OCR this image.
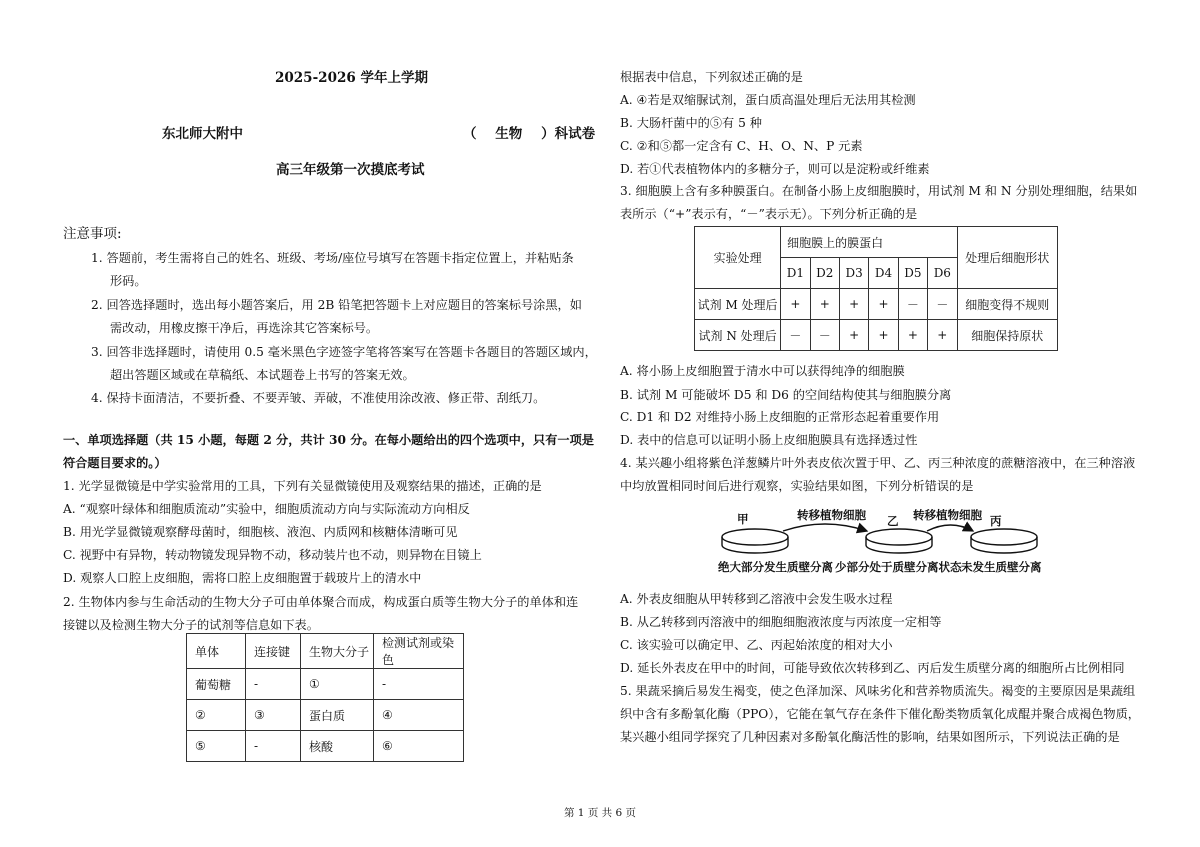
2025-2026 学年上学期
东北师大附中	（    生物    ）科试卷
高三年级第一次摸底考试
注意事项:
1. 答题前，考生需将自己的姓名、班级、考场/座位号填写在答题卡指定位置上，并粘贴条
形码。
2. 回答选择题时，选出每小题答案后，用 2B 铅笔把答题卡上对应题目的答案标号涂黑，如
需改动，用橡皮擦干净后，再选涂其它答案标号。
3. 回答非选择题时，请使用 0.5 毫米黑色字迹签字笔将答案写在答题卡各题目的答题区域内，
超出答题区域或在草稿纸、本试题卷上书写的答案无效。
4. 保持卡面清洁，不要折叠、不要弄皱、弄破，不准使用涂改液、修正带、刮纸刀。
一、单项选择题（共 15 小题，每题 2 分，共计 30 分。在每小题给出的四个选项中，只有一项是
符合题目要求的。）
1. 光学显微镜是中学实验常用的工具，下列有关显微镜使用及观察结果的描述，正确的是
A. “观察叶绿体和细胞质流动”实验中，细胞质流动方向与实际流动方向相反
B. 用光学显微镜观察酵母菌时，细胞核、液泡、内质网和核糖体清晰可见
C. 视野中有异物，转动物镜发现异物不动，移动装片也不动，则异物在目镜上
D. 观察人口腔上皮细胞，需将口腔上皮细胞置于载玻片上的清水中
2. 生物体内参与生命活动的生物大分子可由单体聚合而成，构成蛋白质等生物大分子的单体和连
接键以及检测生物大分子的试剂等信息如下表。
单体	连接键	生物大分子	检测试剂或染色
葡萄糖	-	①	-
②	③	蛋白质	④
⑤	-	核酸	⑥
根据表中信息，下列叙述正确的是
A. ④若是双缩脲试剂，蛋白质高温处理后无法用其检测
B. 大肠杆菌中的⑤有 5 种
C. ②和⑤都一定含有 C、H、O、N、P 元素
D. 若①代表植物体内的多糖分子，则可以是淀粉或纤维素
3. 细胞膜上含有多种膜蛋白。在制备小肠上皮细胞膜时，用试剂 M 和 N 分别处理细胞，结果如
表所示（“+”表示有，“－”表示无）。下列分析正确的是
实验处理	细胞膜上的膜蛋白						处理后细胞形状
	D1	D2	D3	D4	D5	D6	
试剂 M 处理后	+	+	+	+	－	－	细胞变得不规则
试剂 N 处理后	－	－	+	+	+	+	细胞保持原状
A. 将小肠上皮细胞置于清水中可以获得纯净的细胞膜
B. 试剂 M 可能破坏 D5 和 D6 的空间结构使其与细胞膜分离
C. D1 和 D2 对维持小肠上皮细胞的正常形态起着重要作用
D. 表中的信息可以证明小肠上皮细胞膜具有选择透过性
4. 某兴趣小组将紫色洋葱鳞片叶外表皮依次置于甲、乙、丙三种浓度的蔗糖溶液中，在三种溶液
中均放置相同时间后进行观察，实验结果如图，下列分析错误的是
甲	转移植物细胞 乙 转移植物细胞 丙
绝大部分发生质壁分离 少部分处于质壁分离状态 未发生质壁分离
A. 外表皮细胞从甲转移到乙溶液中会发生吸水过程
B. 从乙转移到丙溶液中的细胞细胞液浓度与丙浓度一定相等
C. 该实验可以确定甲、乙、丙起始浓度的相对大小
D. 延长外表皮在甲中的时间，可能导致依次转移到乙、丙后发生质壁分离的细胞所占比例相同
5. 果蔬采摘后易发生褐变，使之色泽加深、风味劣化和营养物质流失。褐变的主要原因是果蔬组
织中含有多酚氧化酶（PPO），它能在氧气存在条件下催化酚类物质氧化成醌并聚合成褐色物质，
某兴趣小组同学探究了几种因素对多酚氧化酶活性的影响，结果如图所示，下列说法正确的是
第 1 页 共 6 页
